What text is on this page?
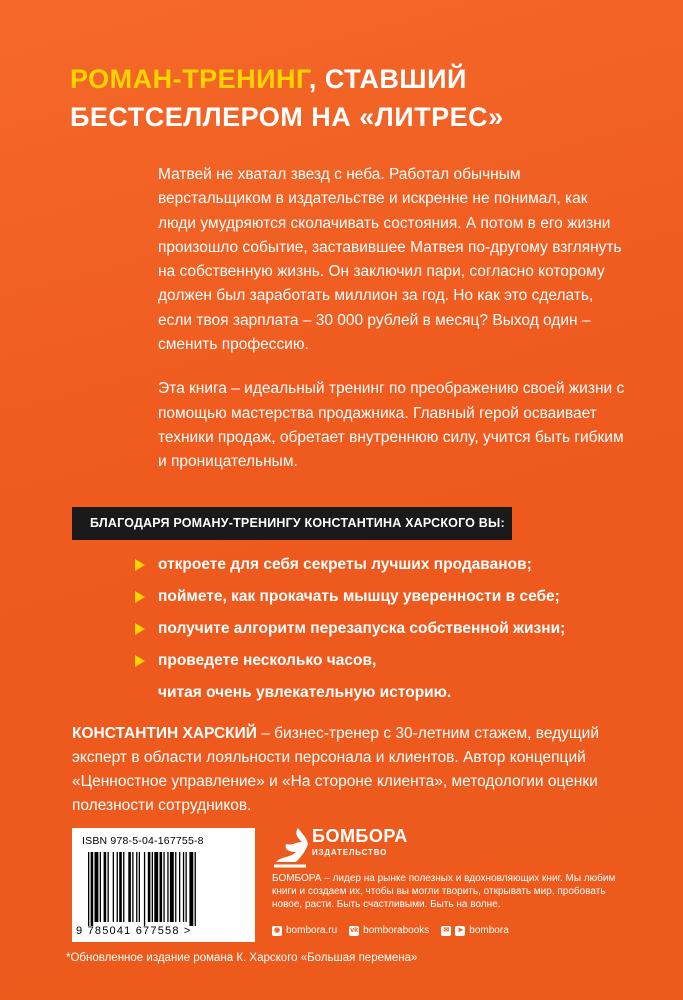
РОМАН-ТРЕНИНГ, СТАВШИЙ
БЕСТСЕЛЛЕРОМ НА «ЛИТРЕС»

Матвей не хватал звезд с неба. Работал обычным верстальщиком в издательстве и искренне не понимал, как люди умудряются сколачивать состояния. А потом в его жизни произошло событие, заставившее Матвея по-другому взглянуть на собственную жизнь. Он заключил пари, согласно которому должен был заработать миллион за год. Но как это сделать, если твоя зарплата – 30 000 рублей в месяц? Выход один – сменить профессию.

Эта книга – идеальный тренинг по преображению своей жизни с помощью мастерства продажника. Главный герой осваивает техники продаж, обретает внутреннюю силу, учится быть гибким и проницательным.

БЛАГОДАРЯ РОМАНУ-ТРЕНИНГУ КОНСТАНТИНА ХАРСКОГО ВЫ:
откроете для себя секреты лучших продаванов;
поймете, как прокачать мышцу уверенности в себе;
получите алгоритм перезапуска собственной жизни;
проведете несколько часов,
читая очень увлекательную историю.
КОНСТАНТИН ХАРСКИЙ – бизнес-тренер с 30-летним стажем, ведущий эксперт в области лояльности персонала и клиентов. Автор концепций «Ценностное управление» и «На стороне клиента», методологии оценки полезности сотрудников.
ISBN 978-5-04-167755-8
9 785041 677558 >
БОМБОРА
ИЗДАТЕЛЬСТВО
БОМБОРА – лидер на рынке полезных и вдохновляющих книг. Мы любим книги и создаем их, чтобы вы могли творить, открывать мир, пробовать новое, расти. Быть счастливыми. Быть на волне.
◉ bombora.ru vk bomborabooks ✉ ➤ bombora
*Обновленное издание романа К. Харского «Большая перемена»
